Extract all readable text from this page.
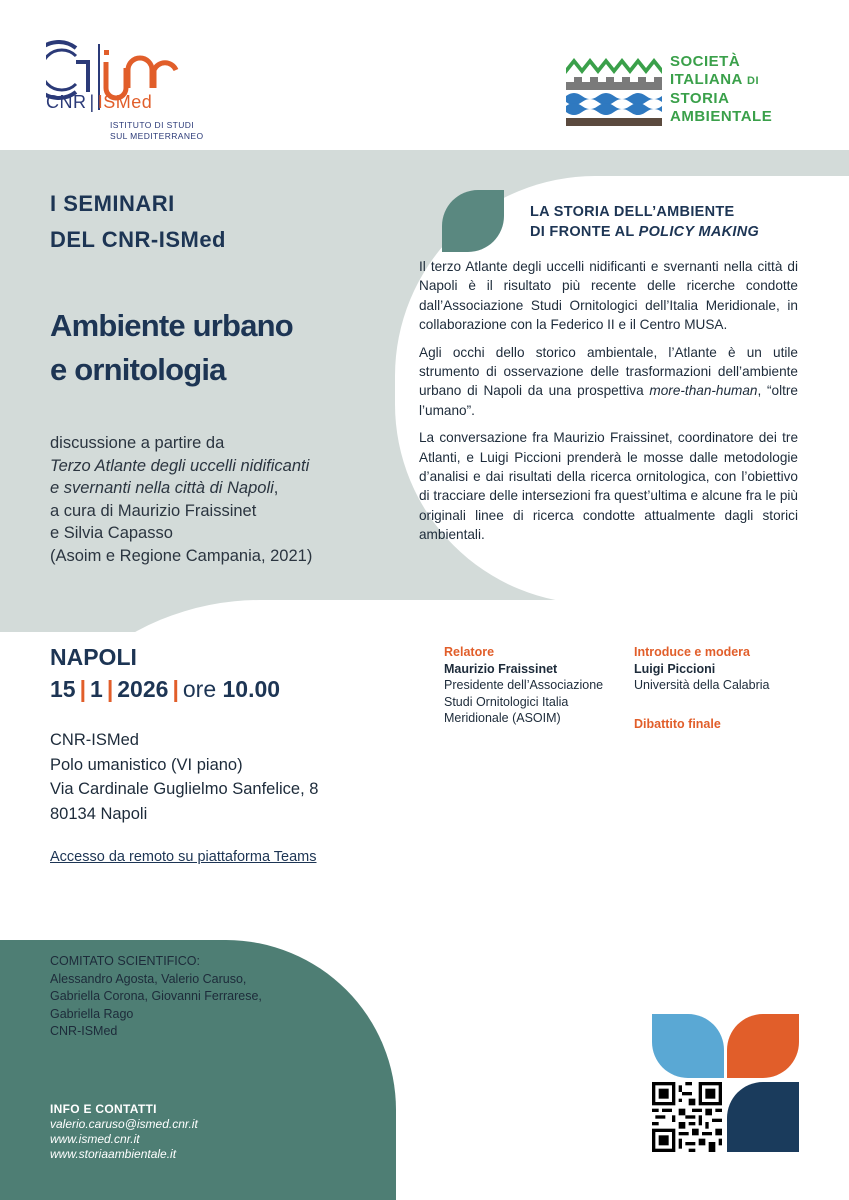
CNR | ISMed
ISTITUTO DI STUDI
SUL MEDITERRANEO
SOCIETÀ
ITALIANA DI
STORIA
AMBIENTALE
I SEMINARI
DEL CNR-ISMed
Ambiente urbano
e ornitologia
discussione a partire da
Terzo Atlante degli uccelli nidificanti
e svernanti nella città di Napoli,
a cura di Maurizio Fraissinet
e Silvia Capasso
(Asoim e Regione Campania, 2021)
LA STORIA DELL’AMBIENTE
DI FRONTE AL POLICY MAKING

Il terzo Atlante degli uccelli nidificanti e svernanti nella città di Napoli è il risultato più recente delle ricerche condotte dall’Associazione Studi Ornitologici dell’Italia Meridionale, in collaborazione con la Federico II e il Centro MUSA.

Agli occhi dello storico ambientale, l’Atlante è un utile strumento di osservazione delle trasformazioni dell’ambiente urbano di Napoli da una prospettiva more-than-human, “oltre l’umano”.

La conversazione fra Maurizio Fraissinet, coordinatore dei tre Atlanti, e Luigi Piccioni prenderà le mosse dalle metodologie d’analisi e dai risultati della ricerca ornitologica, con l’obiettivo di tracciare delle intersezioni fra quest’ultima e alcune fra le più originali linee di ricerca condotte attualmente dagli storici ambientali.

NAPOLI
15 | 1 | 2026 | ore 10.00
CNR-ISMed
Polo umanistico (VI piano)
Via Cardinale Guglielmo Sanfelice, 8
80134 Napoli
Accesso da remoto su piattaforma Teams
Relatore
Maurizio Fraissinet
Presidente dell’Associazione
Studi Ornitologici Italia
Meridionale (ASOIM)
Introduce e modera
Luigi Piccioni
Università della Calabria
Dibattito finale
COMITATO SCIENTIFICO:
Alessandro Agosta, Valerio Caruso,
Gabriella Corona, Giovanni Ferrarese,
Gabriella Rago
CNR-ISMed
INFO E CONTATTI
valerio.caruso@ismed.cnr.it
www.ismed.cnr.it
www.storiaambientale.it
